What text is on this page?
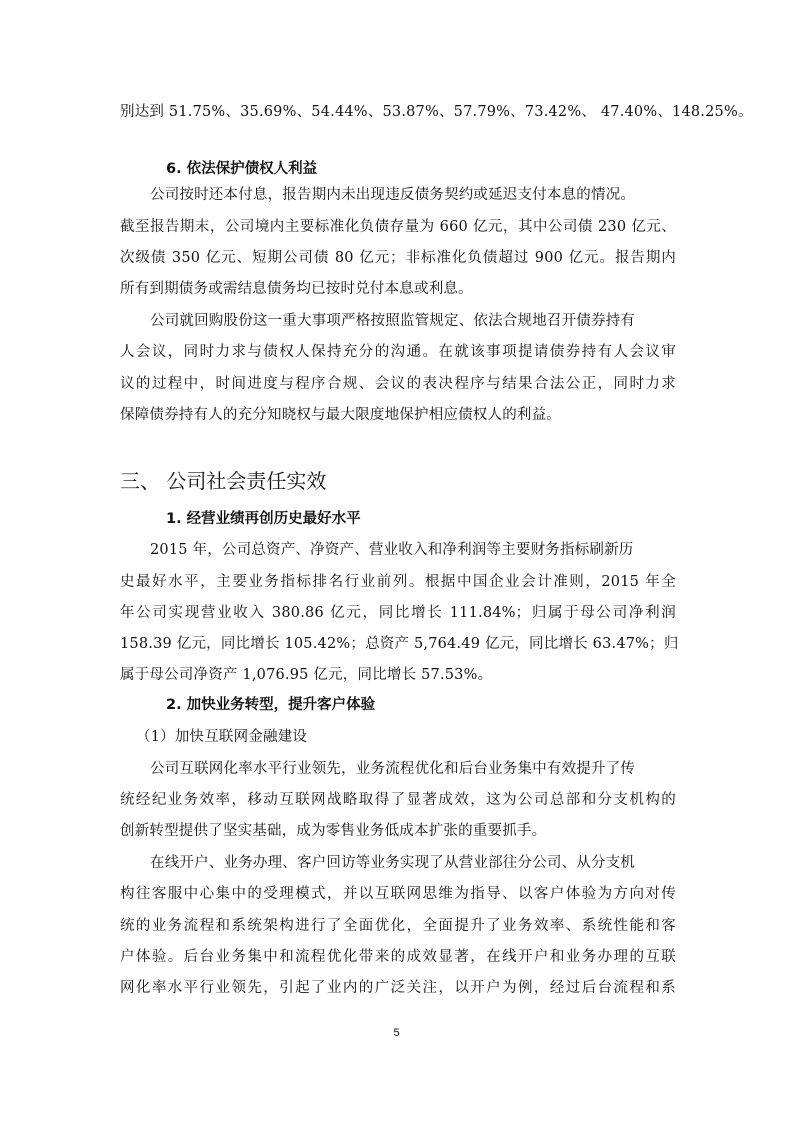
别达到 51.75%、35.69%、54.44%、53.87%、57.79%、73.42%、 47.40%、148.25%。
6. 依法保护债权人利益
公司按时还本付息，报告期内未出现违反债务契约或延迟支付本息的情况。
截至报告期末，公司境内主要标准化负债存量为 660 亿元，其中公司债 230 亿元、
次级债 350 亿元、短期公司债 80 亿元；非标准化负债超过 900 亿元。报告期内
所有到期债务或需结息债务均已按时兑付本息或利息。
公司就回购股份这一重大事项严格按照监管规定、依法合规地召开债券持有
人会议，同时力求与债权人保持充分的沟通。在就该事项提请债券持有人会议审
议的过程中，时间进度与程序合规、会议的表决程序与结果合法公正，同时力求
保障债券持有人的充分知晓权与最大限度地保护相应债权人的利益。
三、 公司社会责任实效
1. 经营业绩再创历史最好水平
2015 年，公司总资产、净资产、营业收入和净利润等主要财务指标刷新历
史最好水平，主要业务指标排名行业前列。根据中国企业会计准则，2015 年全
年公司实现营业收入 380.86 亿元，同比增长 111.84%；归属于母公司净利润
158.39 亿元，同比增长 105.42%；总资产 5,764.49 亿元，同比增长 63.47%；归
属于母公司净资产 1,076.95 亿元，同比增长 57.53%。
2. 加快业务转型，提升客户体验
（1）加快互联网金融建设
公司互联网化率水平行业领先，业务流程优化和后台业务集中有效提升了传
统经纪业务效率，移动互联网战略取得了显著成效，这为公司总部和分支机构的
创新转型提供了坚实基础，成为零售业务低成本扩张的重要抓手。
在线开户、业务办理、客户回访等业务实现了从营业部往分公司、从分支机
构往客服中心集中的受理模式，并以互联网思维为指导、以客户体验为方向对传
统的业务流程和系统架构进行了全面优化，全面提升了业务效率、系统性能和客
户体验。后台业务集中和流程优化带来的成效显著，在线开户和业务办理的互联
网化率水平行业领先，引起了业内的广泛关注，以开户为例，经过后台流程和系
5
